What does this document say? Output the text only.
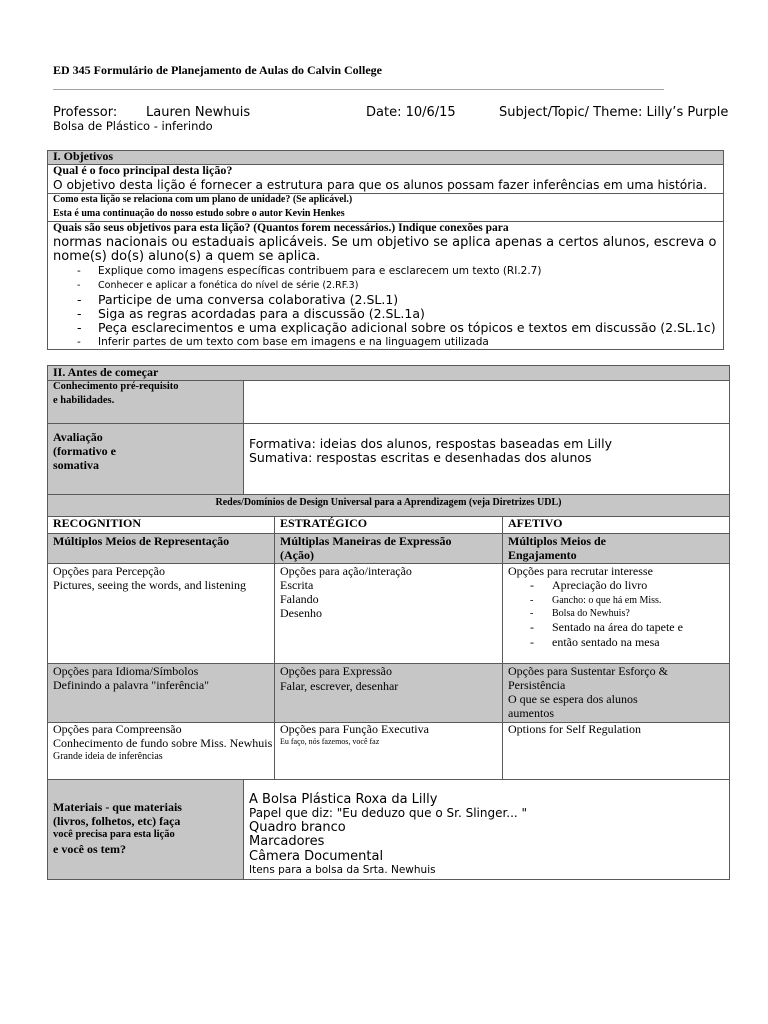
ED 345 Formulário de Planejamento de Aulas do Calvin College
Professor: Lauren Newhuis	Date: 10/6/15	Subject/Topic/ Theme: Lilly’s Purple
Bolsa de Plástico - inferindo
I. Objetivos
Qual é o foco principal desta lição?
O objetivo desta lição é fornecer a estrutura para que os alunos possam fazer inferências em uma história.
Como esta lição se relaciona com um plano de unidade? (Se aplicável.)
Esta é uma continuação do nosso estudo sobre o autor Kevin Henkes
Quais são seus objetivos para esta lição? (Quantos forem necessários.) Indique conexões para
normas nacionais ou estaduais aplicáveis. Se um objetivo se aplica apenas a certos alunos, escreva o
nome(s) do(s) aluno(s) a quem se aplica.
- Explique como imagens específicas contribuem para e esclarecem um texto (RI.2.7)
- Conhecer e aplicar a fonética do nível de série (2.RF.3)
- Participe de uma conversa colaborativa (2.SL.1)
- Siga as regras acordadas para a discussão (2.SL.1a)
- Peça esclarecimentos e uma explicação adicional sobre os tópicos e textos em discussão (2.SL.1c)
- Inferir partes de um texto com base em imagens e na linguagem utilizada
II. Antes de começar
Conhecimento pré-requisito
e habilidades.
Avaliação
(formativo e
somativa
Formativa: ideias dos alunos, respostas baseadas em Lilly
Sumativa: respostas escritas e desenhadas dos alunos
Redes/Domínios de Design Universal para a Aprendizagem (veja Diretrizes UDL)
RECOGNITION
Múltiplos Meios de Representação
Opções para Percepção
Pictures, seeing the words, and listening
Opções para Idioma/Símbolos
Definindo a palavra "inferência"
Opções para Compreensão
Conhecimento de fundo sobre Miss. Newhuis
Grande ideia de inferências
ESTRATÉGICO
Múltiplas Maneiras de Expressão
(Ação)
Opções para ação/interação
Escrita
Falando
Desenho
Opções para Expressão
Falar, escrever, desenhar
Opções para Função Executiva
Eu faço, nós fazemos, você faz
AFETIVO
Múltiplos Meios de
Engajamento
Opções para recrutar interesse
- Apreciação do livro
- Gancho: o que há em Miss.
- Bolsa do Newhuis?
- Sentado na área do tapete e
- então sentado na mesa
Opções para Sustentar Esforço &
Persistência
O que se espera dos alunos
aumentos
Options for Self Regulation
Materiais - que materiais
(livros, folhetos, etc) faça
você precisa para esta lição
e você os tem?
A Bolsa Plástica Roxa da Lilly
Papel que diz: "Eu deduzo que o Sr. Slinger... "
Quadro branco
Marcadores
Câmera Documental
Itens para a bolsa da Srta. Newhuis
